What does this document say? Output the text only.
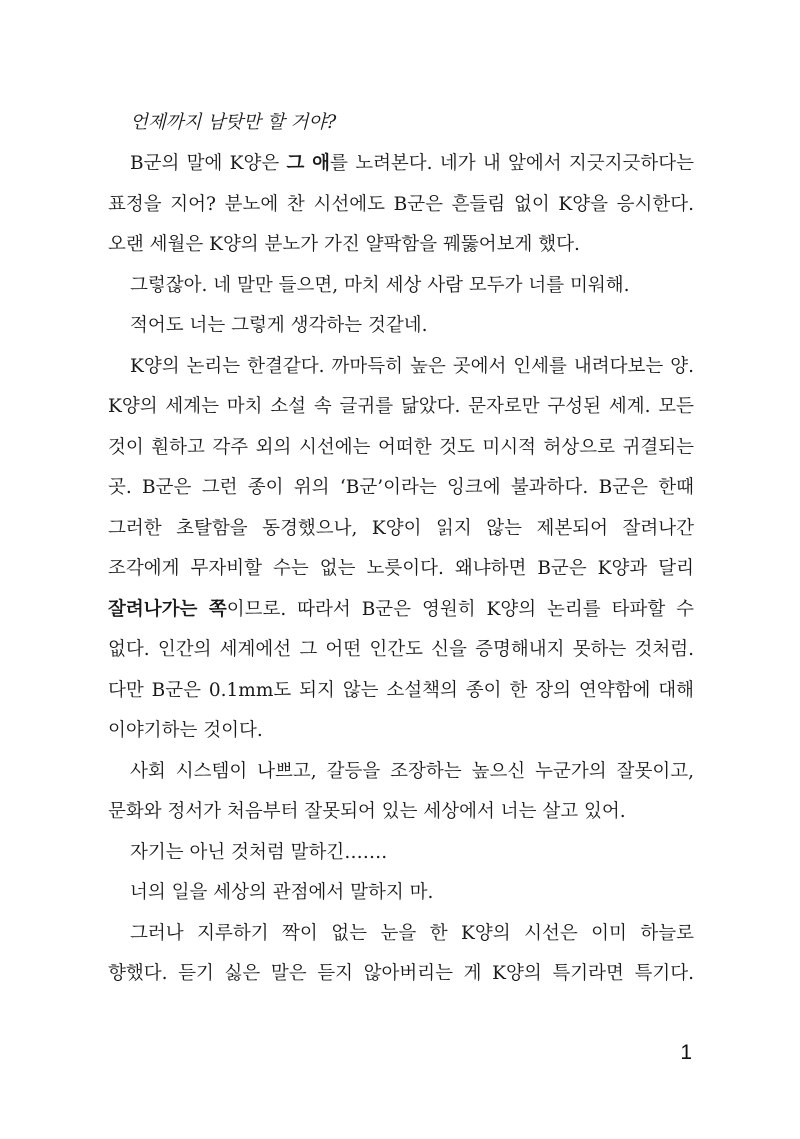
언제까지 남탓만 할 거야?
B군의 말에 K양은 그 애를 노려본다. 네가 내 앞에서 지긋지긋하다는
표정을 지어? 분노에 찬 시선에도 B군은 흔들림 없이 K양을 응시한다.
오랜 세월은 K양의 분노가 가진 얄팍함을 꿰뚫어보게 했다.
그렇잖아. 네 말만 들으면, 마치 세상 사람 모두가 너를 미워해.
적어도 너는 그렇게 생각하는 것같네.
K양의 논리는 한결같다. 까마득히 높은 곳에서 인세를 내려다보는 양.
K양의 세계는 마치 소설 속 글귀를 닮았다. 문자로만 구성된 세계. 모든
것이 훤하고 각주 외의 시선에는 어떠한 것도 미시적 허상으로 귀결되는
곳. B군은 그런 종이 위의 ‘B군’이라는 잉크에 불과하다. B군은 한때
그러한 초탈함을 동경했으나, K양이 읽지 않는 제본되어 잘려나간
조각에게 무자비할 수는 없는 노릇이다. 왜냐하면 B군은 K양과 달리
잘려나가는 쪽이므로. 따라서 B군은 영원히 K양의 논리를 타파할 수
없다. 인간의 세계에선 그 어떤 인간도 신을 증명해내지 못하는 것처럼.
다만 B군은 0.1mm도 되지 않는 소설책의 종이 한 장의 연약함에 대해
이야기하는 것이다.
사회 시스템이 나쁘고, 갈등을 조장하는 높으신 누군가의 잘못이고,
문화와 정서가 처음부터 잘못되어 있는 세상에서 너는 살고 있어.
자기는 아닌 것처럼 말하긴…….
너의 일을 세상의 관점에서 말하지 마.
그러나 지루하기 짝이 없는 눈을 한 K양의 시선은 이미 하늘로
향했다. 듣기 싫은 말은 듣지 않아버리는 게 K양의 특기라면 특기다.
1
